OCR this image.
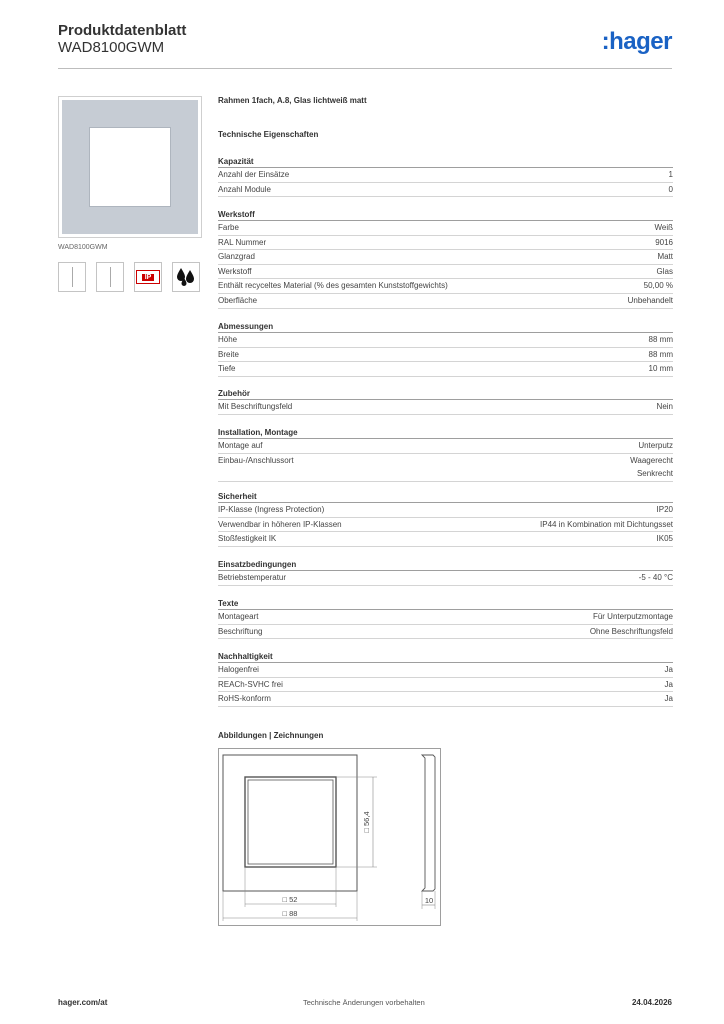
Produktdatenblatt
WAD8100GWM	:hager
WAD8100GWM
IP
Rahmen 1fach, A.8, Glas lichtweiß matt
Technische Eigenschaften
Kapazität
Anzahl der Einsätze	1
Anzahl Module	0
Werkstoff
Farbe	Weiß
RAL Nummer	9016
Glanzgrad	Matt
Werkstoff	Glas
Enthält recyceltes Material (% des gesamten Kunststoffgewichts)	50,00 %
Oberfläche	Unbehandelt
Abmessungen
Höhe	88 mm
Breite	88 mm
Tiefe	10 mm
Zubehör
Mit Beschriftungsfeld	Nein
Installation, Montage
Montage auf	Unterputz
Einbau-/Anschlussort	Waagerecht
Senkrecht
Sicherheit
IP-Klasse (Ingress Protection)	IP20
Verwendbar in höheren IP-Klassen	IP44 in Kombination mit Dichtungsset
Stoßfestigkeit IK	IK05
Einsatzbedingungen
Betriebstemperatur	-5 - 40 °C
Texte
Montageart	Für Unterputzmontage
Beschriftung	Ohne Beschriftungsfeld
Nachhaltigkeit
Halogenfrei	Ja
REACh-SVHC frei	Ja
RoHS-konform	Ja
Abbildungen | Zeichnungen
□ 56,4
□ 52
□ 88
10
hager.com/at	Technische Änderungen vorbehalten	24.04.2026
